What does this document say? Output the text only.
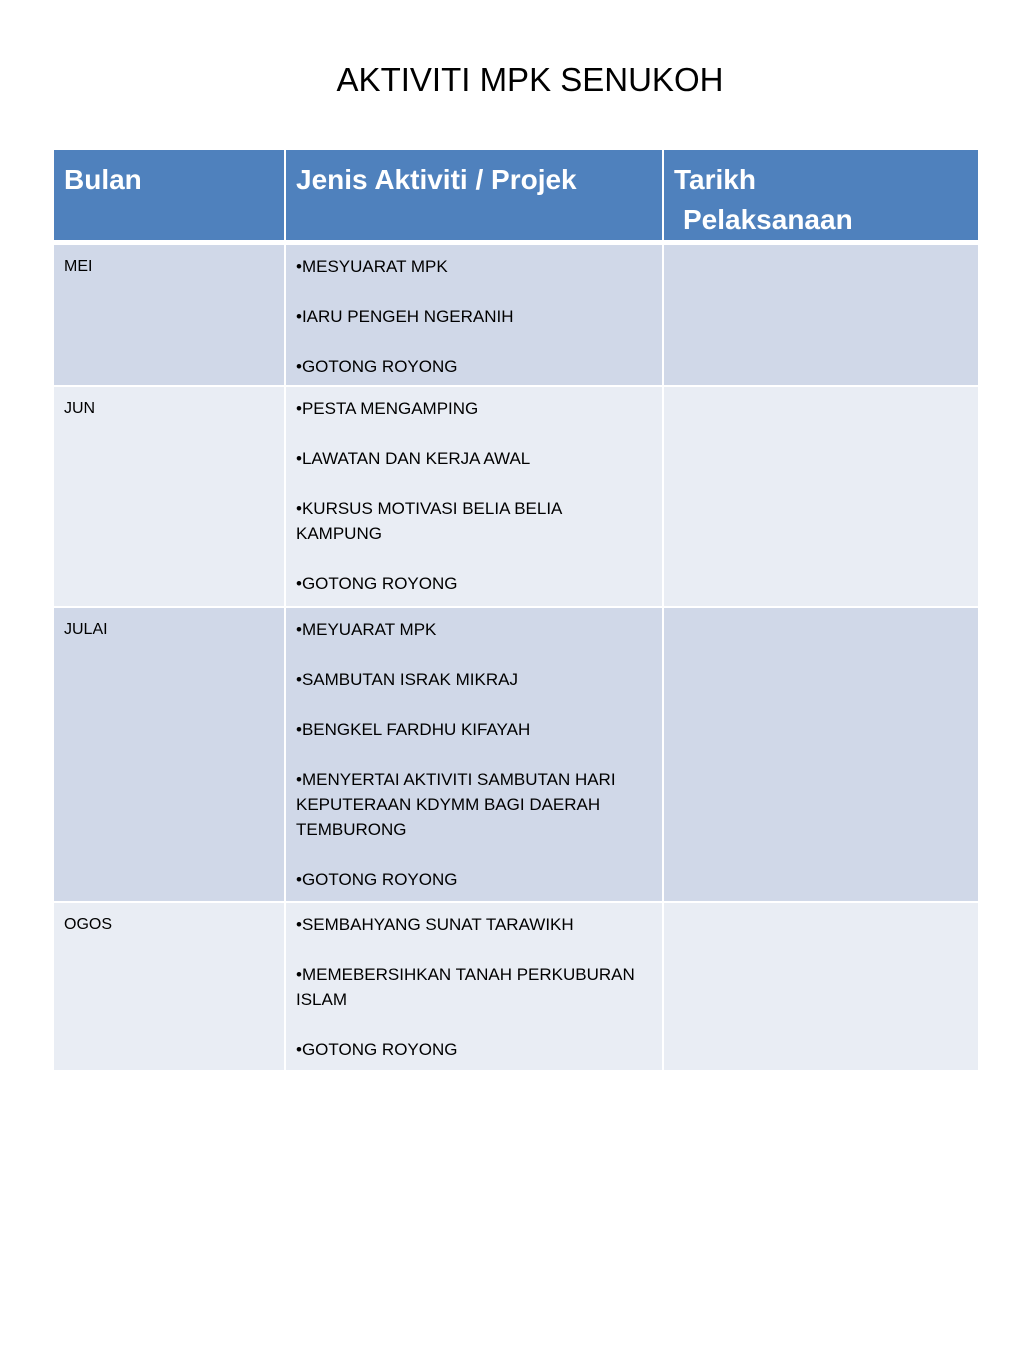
AKTIVITI MPK SENUKOH
Bulan	Jenis Aktiviti / Projek	Tarikh
Pelaksanaan

MEI	•MESYUARAT MPK
•IARU PENGEH NGERANIH
•GOTONG ROYONG	

JUN	•PESTA MENGAMPING
•LAWATAN DAN KERJA AWAL
•KURSUS MOTIVASI BELIA BELIA KAMPUNG
•GOTONG ROYONG	

JULAI	•MEYUARAT MPK
•SAMBUTAN ISRAK MIKRAJ
•BENGKEL FARDHU KIFAYAH
•MENYERTAI AKTIVITI SAMBUTAN HARI KEPUTERAAN KDYMM BAGI DAERAH TEMBURONG
•GOTONG ROYONG	

OGOS	•SEMBAHYANG SUNAT TARAWIKH
•MEMEBERSIHKAN TANAH PERKUBURAN ISLAM
•GOTONG ROYONG	
